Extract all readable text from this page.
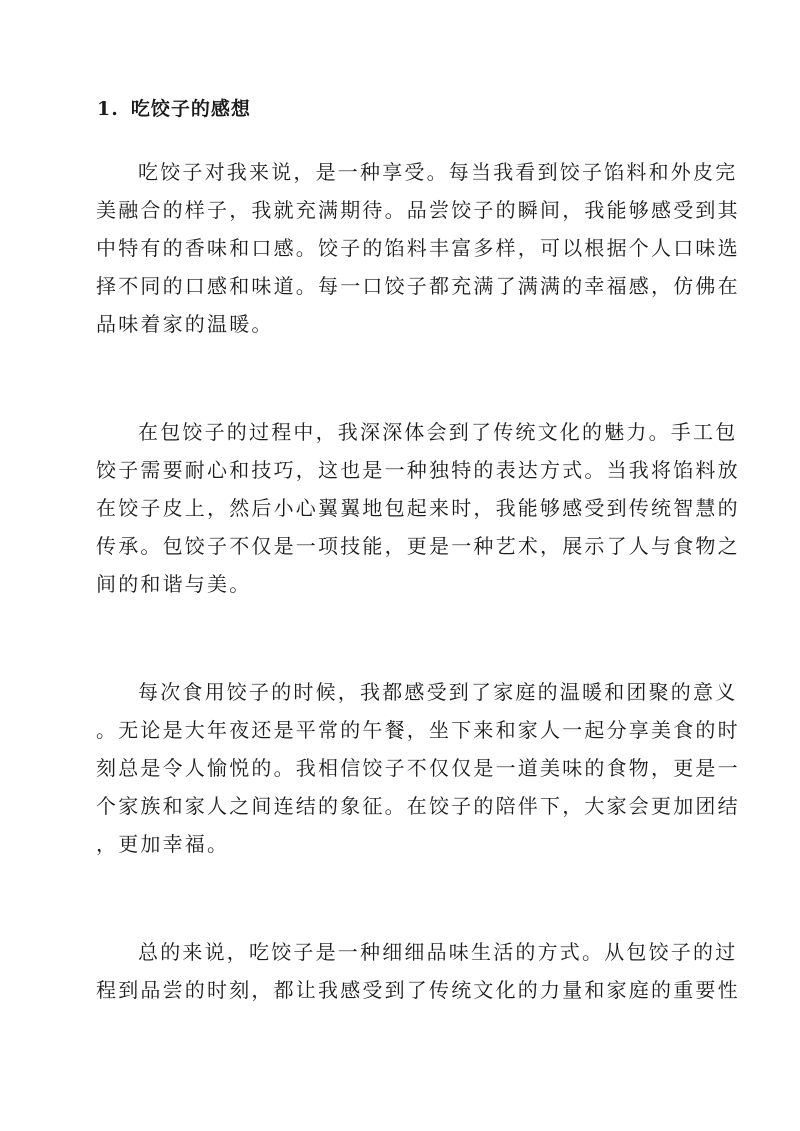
1. 吃饺子的感想
吃饺子对我来说，是一种享受。每当我看到饺子馅料和外皮完
美融合的样子，我就充满期待。品尝饺子的瞬间，我能够感受到其
中特有的香味和口感。饺子的馅料丰富多样，可以根据个人口味选
择不同的口感和味道。每一口饺子都充满了满满的幸福感，仿佛在
品味着家的温暖。
在包饺子的过程中，我深深体会到了传统文化的魅力。手工包
饺子需要耐心和技巧，这也是一种独特的表达方式。当我将馅料放
在饺子皮上，然后小心翼翼地包起来时，我能够感受到传统智慧的
传承。包饺子不仅是一项技能，更是一种艺术，展示了人与食物之
间的和谐与美。
每次食用饺子的时候，我都感受到了家庭的温暖和团聚的意义
。无论是大年夜还是平常的午餐，坐下来和家人一起分享美食的时
刻总是令人愉悦的。我相信饺子不仅仅是一道美味的食物，更是一
个家族和家人之间连结的象征。在饺子的陪伴下，大家会更加团结
，更加幸福。
总的来说，吃饺子是一种细细品味生活的方式。从包饺子的过
程到品尝的时刻，都让我感受到了传统文化的力量和家庭的重要性
